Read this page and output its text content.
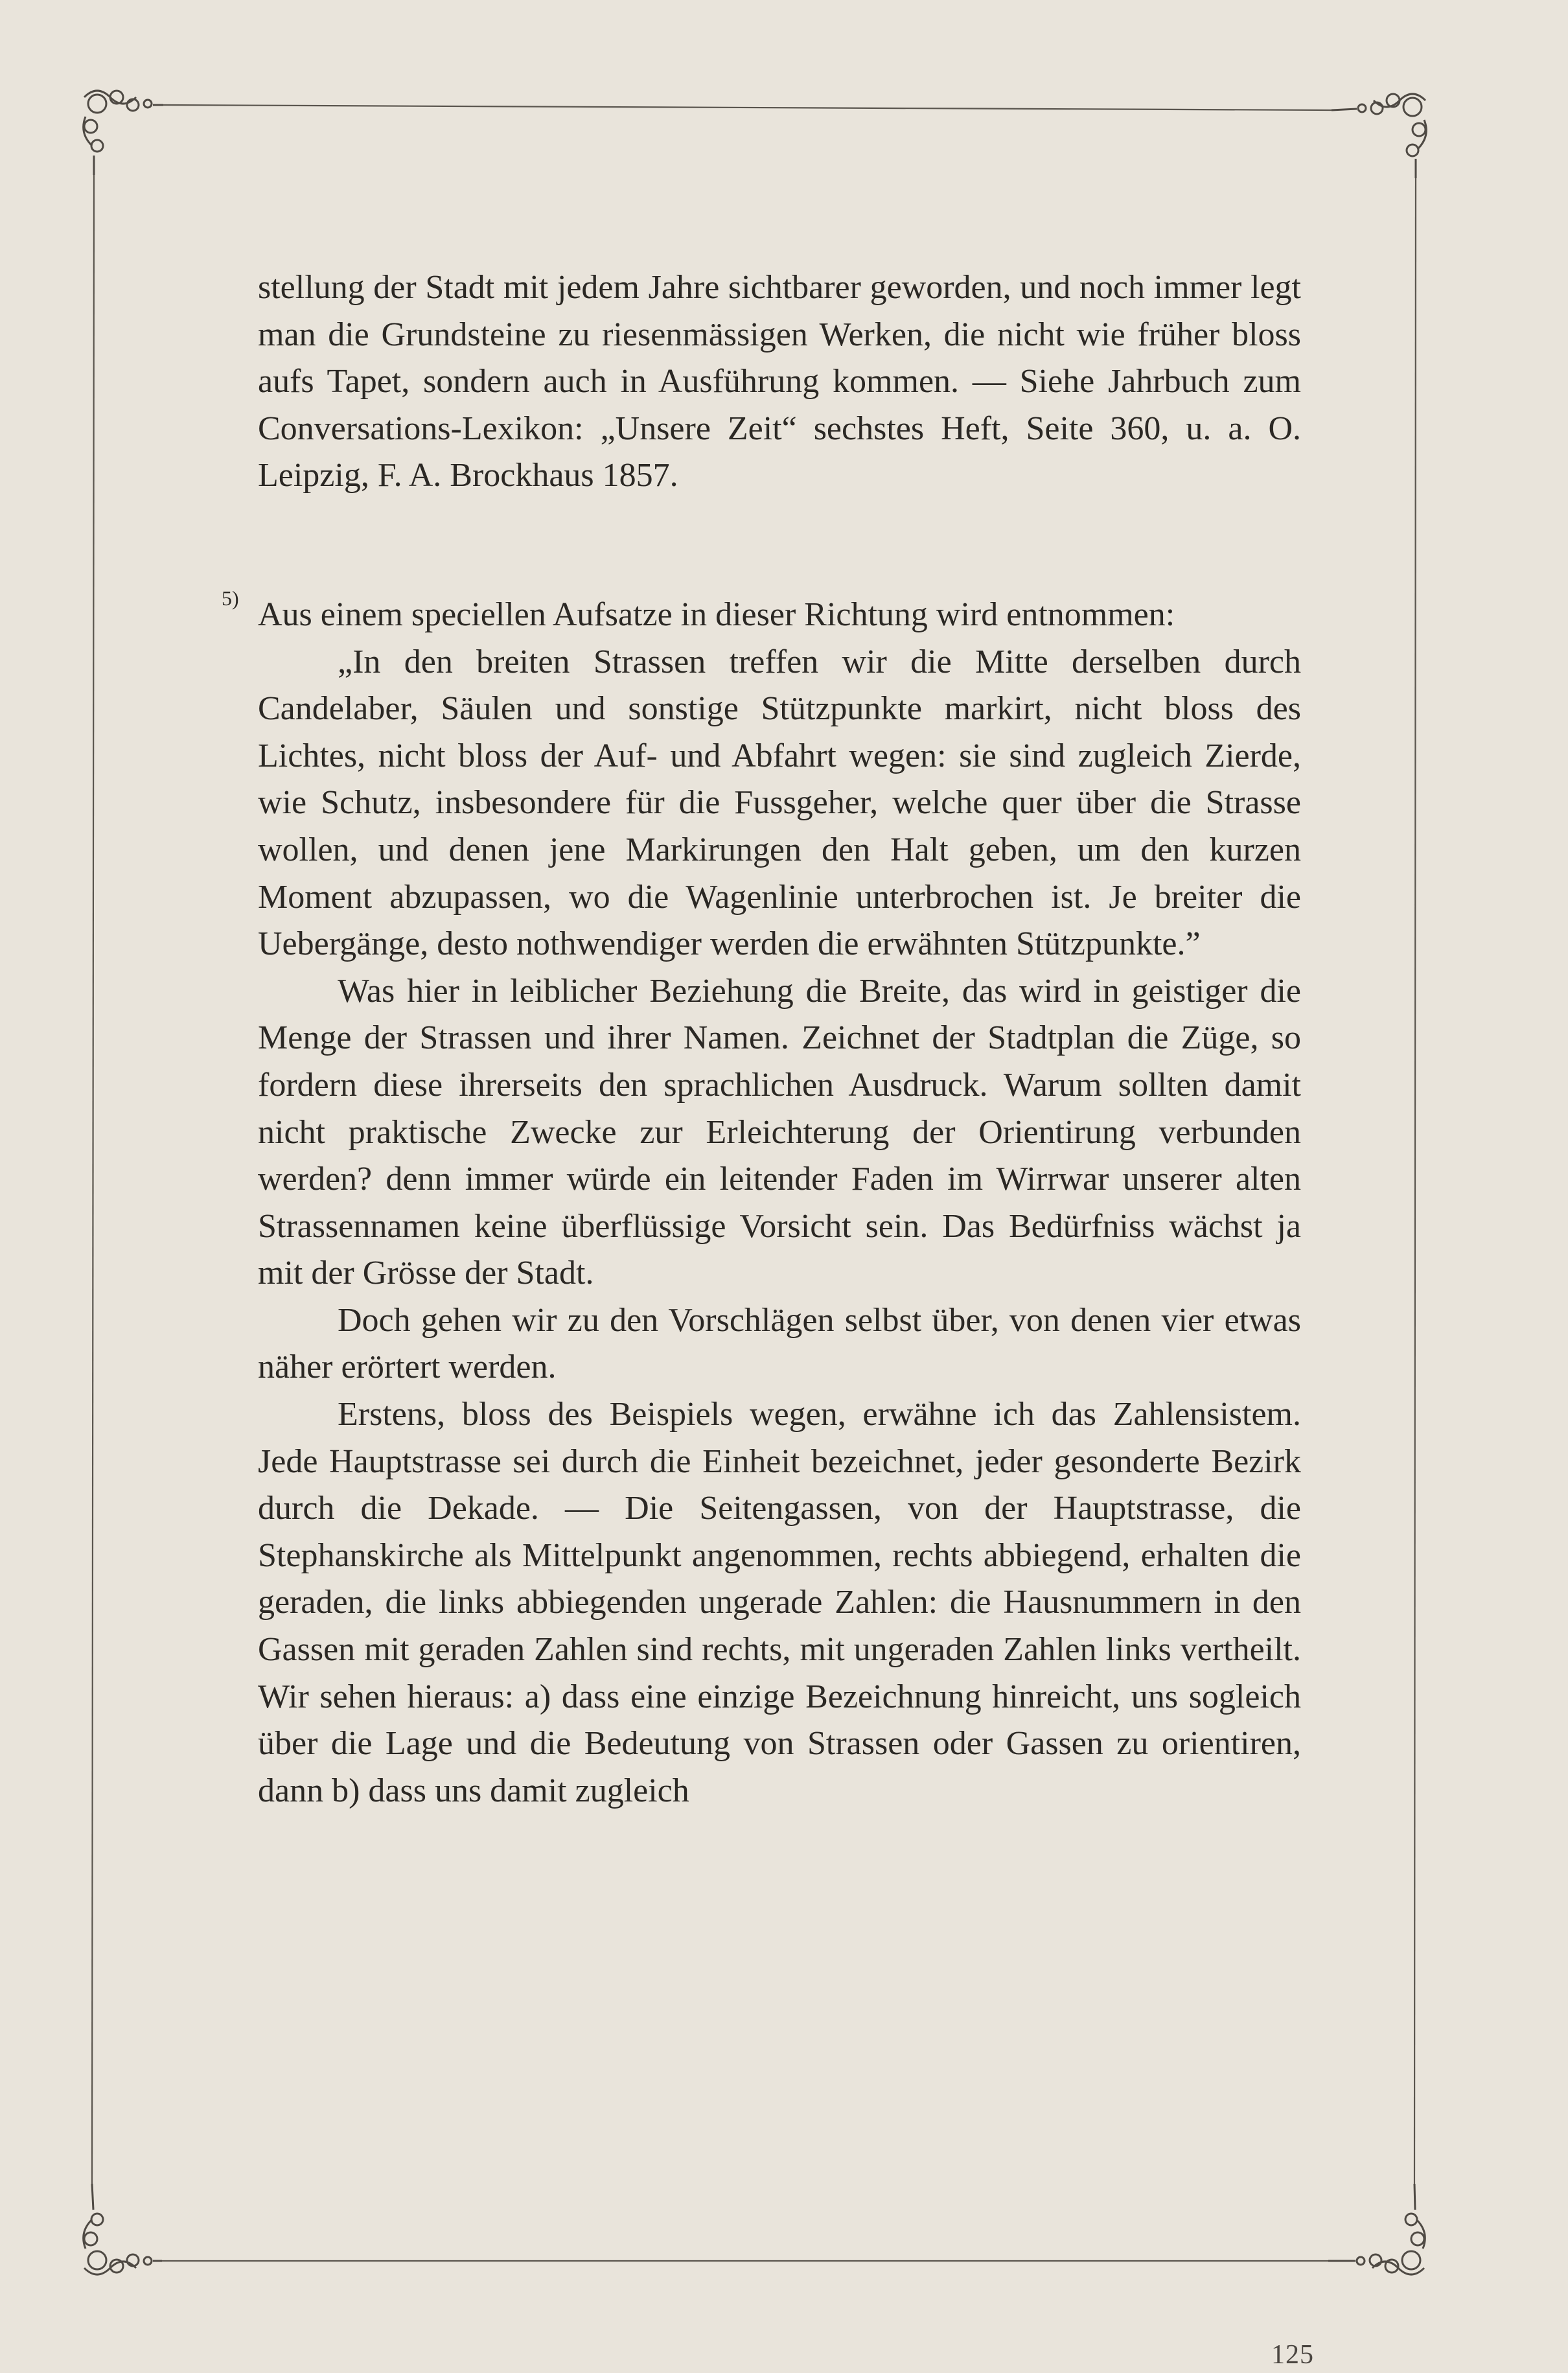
stellung der Stadt mit jedem Jahre sichtbarer geworden, und noch immer legt man die Grundsteine zu riesenmässigen Werken, die nicht wie früher bloss aufs Tapet, sondern auch in Ausführung kommen. — Siehe Jahrbuch zum Conversations-Lexikon: „Unsere Zeit“ sechstes Heft, Seite 360, u. a. O. Leipzig, F. A. Brockhaus 1857.

5) Aus einem speciellen Aufsatze in dieser Richtung wird entnommen:

„In den breiten Strassen treffen wir die Mitte derselben durch Candelaber, Säulen und sonstige Stützpunkte markirt, nicht bloss des Lichtes, nicht bloss der Auf- und Abfahrt wegen: sie sind zugleich Zierde, wie Schutz, insbesondere für die Fussgeher, welche quer über die Strasse wollen, und denen jene Markirungen den Halt geben, um den kurzen Moment abzupassen, wo die Wagenlinie unterbrochen ist. Je breiter die Uebergänge, desto nothwendiger werden die erwähnten Stützpunkte.”

Was hier in leiblicher Beziehung die Breite, das wird in geistiger die Menge der Strassen und ihrer Namen. Zeichnet der Stadtplan die Züge, so fordern diese ihrerseits den sprachlichen Ausdruck. Warum sollten damit nicht praktische Zwecke zur Erleichterung der Orientirung verbunden werden? denn immer würde ein leitender Faden im Wirrwar unserer alten Strassennamen keine überflüssige Vorsicht sein. Das Bedürfniss wächst ja mit der Grösse der Stadt.

Doch gehen wir zu den Vorschlägen selbst über, von denen vier etwas näher erörtert werden.

Erstens, bloss des Beispiels wegen, erwähne ich das Zahlensistem. Jede Hauptstrasse sei durch die Einheit bezeichnet, jeder gesonderte Bezirk durch die Dekade. — Die Seitengassen, von der Hauptstrasse, die Stephanskirche als Mittelpunkt angenommen, rechts abbiegend, erhalten die geraden, die links abbiegenden ungerade Zahlen: die Hausnummern in den Gassen mit geraden Zahlen sind rechts, mit ungeraden Zahlen links vertheilt. Wir sehen hieraus: a) dass eine einzige Bezeichnung hinreicht, uns sogleich über die Lage und die Bedeutung von Strassen oder Gassen zu orientiren, dann b) dass uns damit zugleich

125
